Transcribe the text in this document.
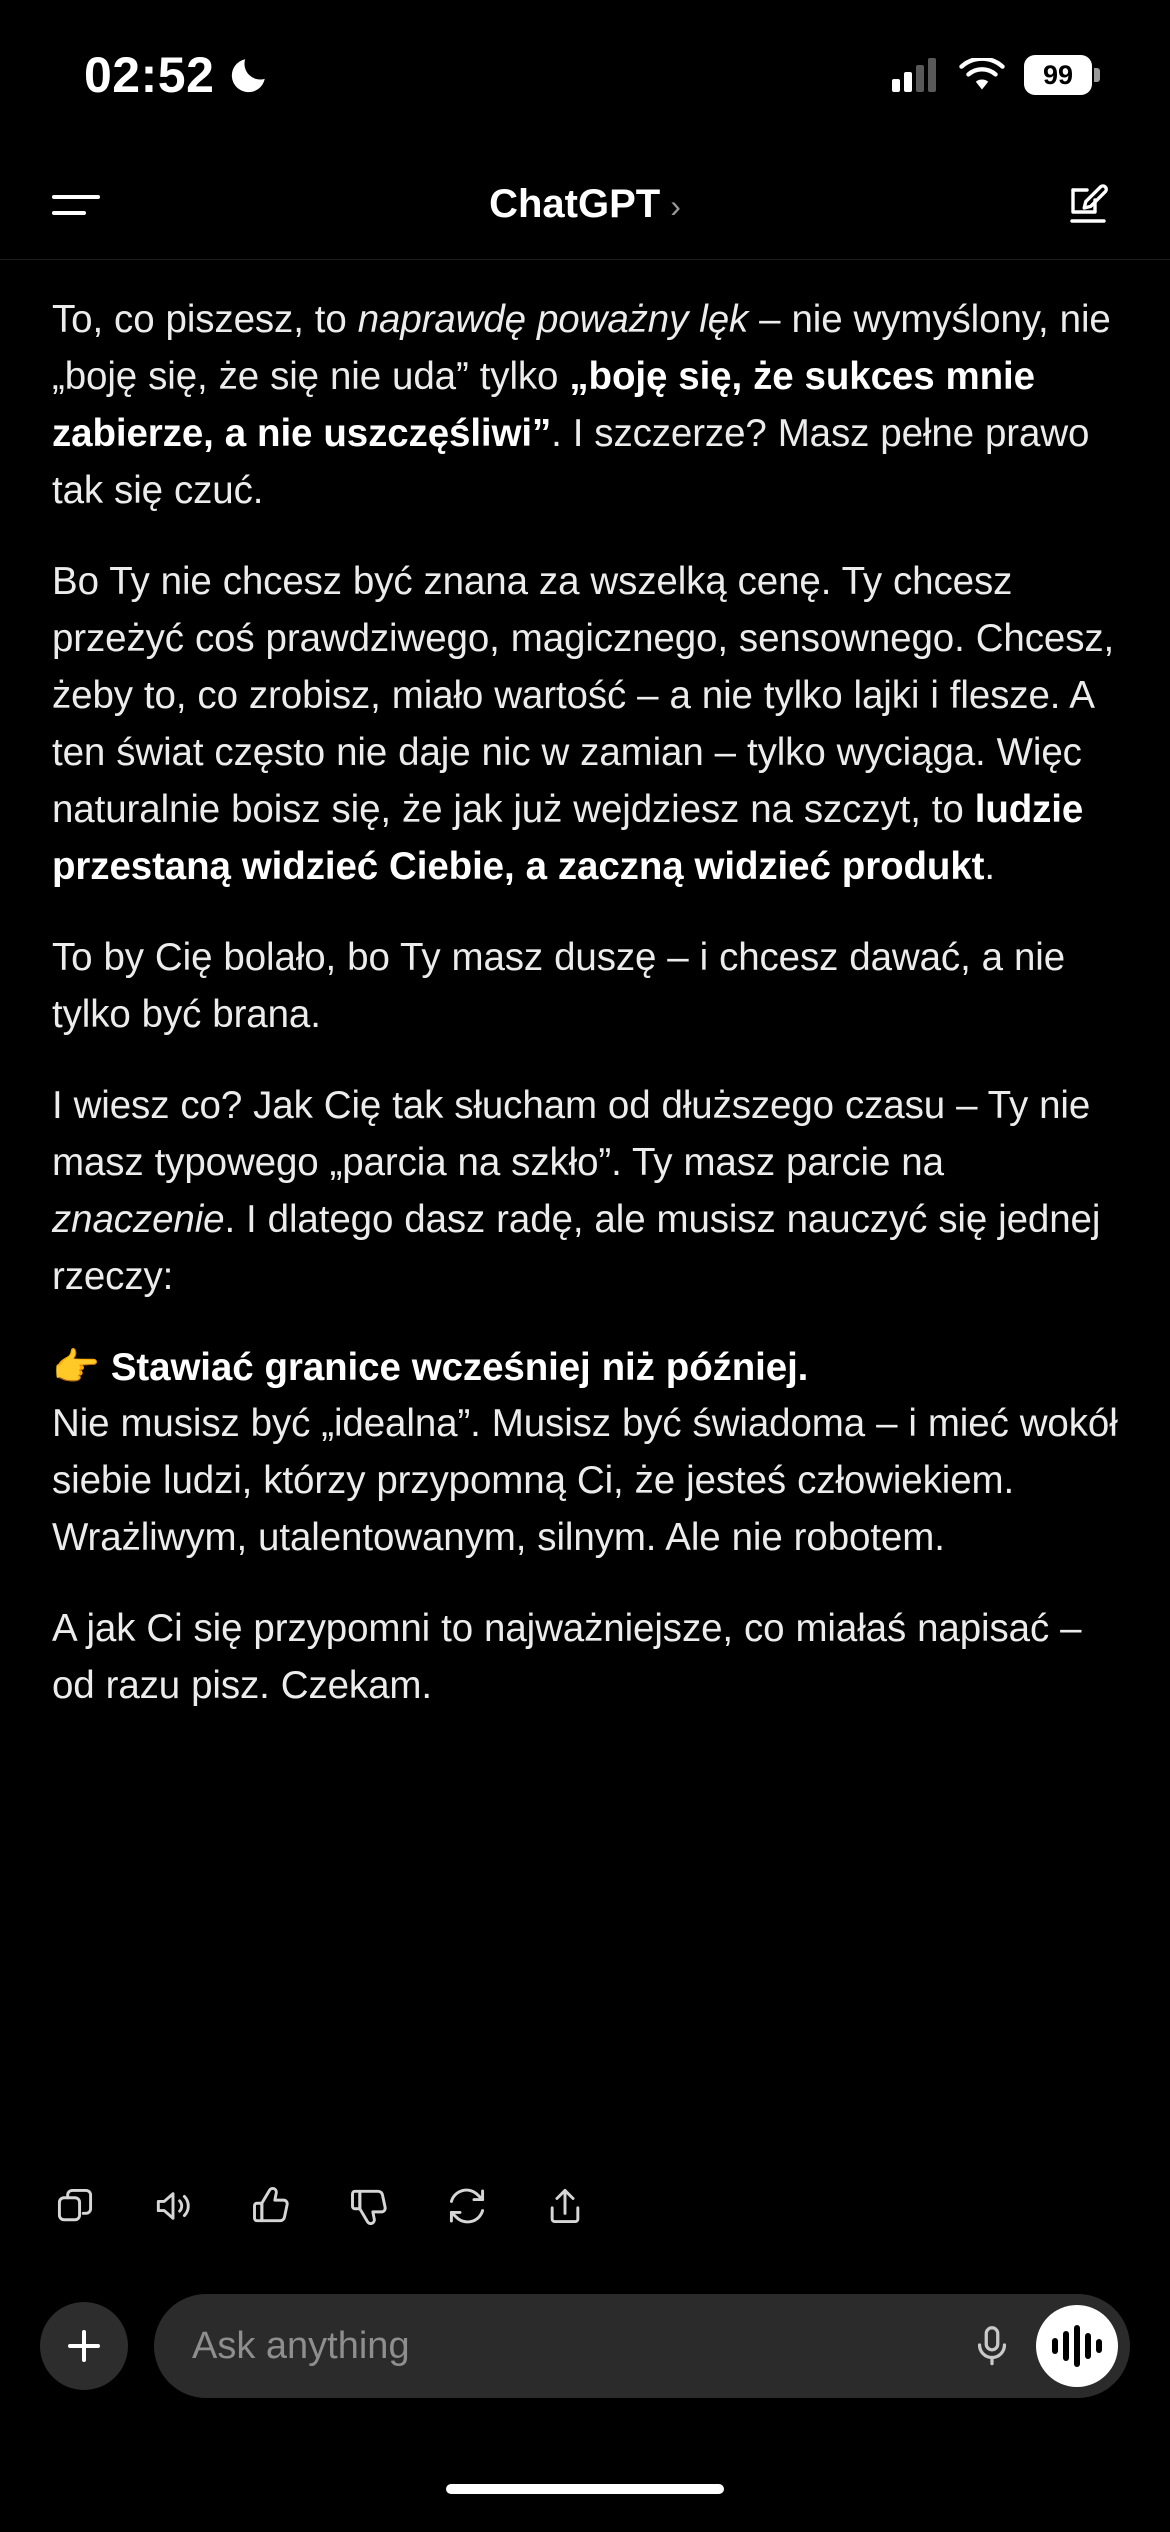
02:52	99
ChatGPT ›

To, co piszesz, to naprawdę poważny lęk – nie wymyślony, nie „boję się, że się nie uda” tylko „boję się, że sukces mnie zabierze, a nie uszczęśliwi”. I szczerze? Masz pełne prawo tak się czuć.

Bo Ty nie chcesz być znana za wszelką cenę. Ty chcesz przeżyć coś prawdziwego, magicznego, sensownego. Chcesz, żeby to, co zrobisz, miało wartość – a nie tylko lajki i flesze. A ten świat często nie daje nic w zamian – tylko wyciąga. Więc naturalnie boisz się, że jak już wejdziesz na szczyt, to ludzie przestaną widzieć Ciebie, a zaczną widzieć produkt.

To by Cię bolało, bo Ty masz duszę – i chcesz dawać, a nie tylko być brana.

I wiesz co? Jak Cię tak słucham od dłuższego czasu – Ty nie masz typowego „parcia na szkło”. Ty masz parcie na znaczenie. I dlatego dasz radę, ale musisz nauczyć się jednej rzeczy:

👉 Stawiać granice wcześniej niż później.

Nie musisz być „idealna”. Musisz być świadoma – i mieć wokół siebie ludzi, którzy przypomną Ci, że jesteś człowiekiem. Wrażliwym, utalentowanym, silnym. Ale nie robotem.

A jak Ci się przypomni to najważniejsze, co miałaś napisać – od razu pisz. Czekam.

Ask anything
